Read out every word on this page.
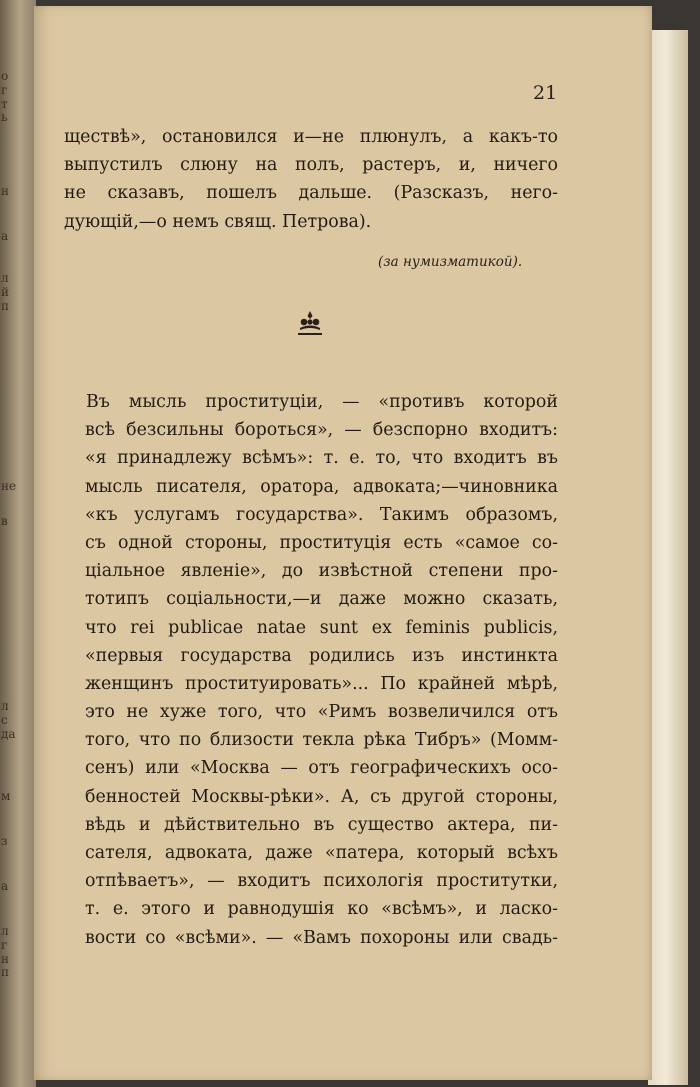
о
г
т
ь
н
а
л
й
п
не
в
л
с
да
м
з
а
л
г
н
п
21

ществѣ», остановился и—не плюнулъ, а какъ-то
выпустилъ слюну на полъ, растеръ, и, ничего
не сказавъ, пошелъ дальше. (Разсказъ, него-
дующій,—о немъ свящ. Петрова).

(за нумизматикой).

Въ мысль проституціи, — «противъ которой
всѣ безсильны бороться», — безспорно входитъ:
«я принадлежу всѣмъ»: т. е. то, что входитъ въ
мысль писателя, оратора, адвоката;—чиновника
«къ услугамъ государства». Такимъ образомъ,
съ одной стороны, проституція есть «самое со-
ціальное явленіе», до извѣстной степени про-
тотипъ соціальности,—и даже можно сказать,
что rei publicae natae sunt ex feminis publicis,
«первыя государства родились изъ инстинкта
женщинъ проституировать»... По крайней мѣрѣ,
это не хуже того, что «Римъ возвеличился отъ
того, что по близости текла рѣка Тибръ» (Момм-
сенъ) или «Москва — отъ географическихъ осо-
бенностей Москвы-рѣки». А, съ другой стороны,
вѣдь и дѣйствительно въ существо актера, пи-
сателя, адвоката, даже «патера, который всѣхъ
отпѣваетъ», — входитъ психологія проститутки,
т. е. этого и равнодушія ко «всѣмъ», и ласко-
вости со «всѣми». — «Вамъ похороны или свадь-
